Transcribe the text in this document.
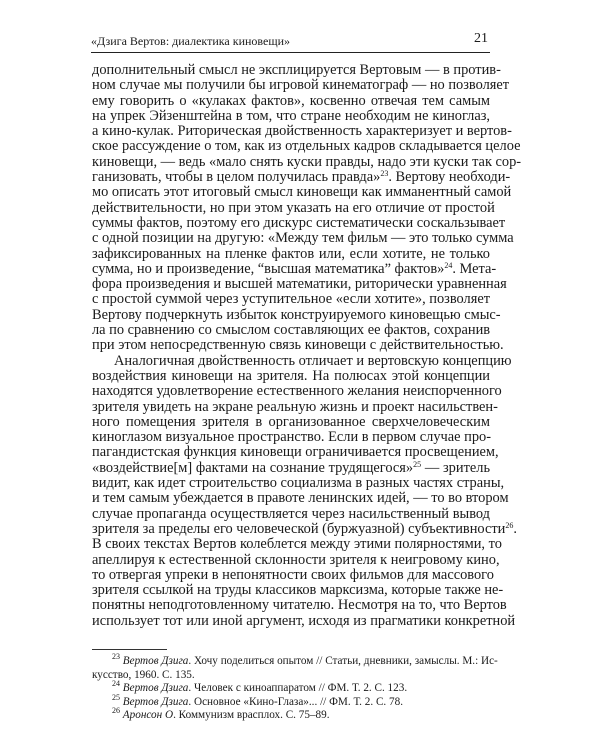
«Дзига Вертов: диалектика киновещи»	21
дополнительный смысл не эксплицируется Вертовым — в против-
ном случае мы получили бы игровой кинематограф — но позволяет
ему говорить о «кулаках фактов», косвенно отвечая тем самым
на упрек Эйзенштейна в том, что стране необходим не киноглаз,
а кино-кулак. Риторическая двойственность характеризует и вертов-
ское рассуждение о том, как из отдельных кадров складывается целое
киновещи, — ведь «мало снять куски правды, надо эти куски так сор-
ганизовать, чтобы в целом получилась правда»$^{23}$. Вертову необходи-
мо описать этот итоговый смысл киновещи как имманентный самой
действительности, но при этом указать на его отличие от простой
суммы фактов, поэтому его дискурс систематически соскальзывает
с одной позиции на другую: «Между тем фильм — это только сумма
зафиксированных на пленке фактов или, если хотите, не только
сумма, но и произведение, “высшая математика” фактов»$^{24}$. Мета-
фора произведения и высшей математики, риторически уравненная
с простой суммой через уступительное «если хотите», позволяет
Вертову подчеркнуть избыток конструируемого киновещью смыс-
ла по сравнению со смыслом составляющих ее фактов, сохранив
при этом непосредственную связь киновещи с действительностью.
Аналогичная двойственность отличает и вертовскую концепцию
воздействия киновещи на зрителя. На полюсах этой концепции
находятся удовлетворение естественного желания неиспорченного
зрителя увидеть на экране реальную жизнь и проект насильствен-
ного помещения зрителя в организованное сверхчеловеческим
киноглазом визуальное пространство. Если в первом случае про-
пагандистская функция киновещи ограничивается просвещением,
«воздействие[м] фактами на сознание трудящегося»$^{25}$ — зритель
видит, как идет строительство социализма в разных частях страны,
и тем самым убеждается в правоте ленинских идей, — то во втором
случае пропаганда осуществляется через насильственный вывод
зрителя за пределы его человеческой (буржуазной) субъективности$^{26}$.
В своих текстах Вертов колеблется между этими полярностями, то
апеллируя к естественной склонности зрителя к неигровому кино,
то отвергая упреки в непонятности своих фильмов для массового
зрителя ссылкой на труды классиков марксизма, которые также не-
понятны неподготовленному читателю. Несмотря на то, что Вертов
использует тот или иной аргумент, исходя из прагматики конкретной
$^{23}$ Вертов Дзига. Хочу поделиться опытом // Статьи, дневники, замыслы. М.: Ис-
кусство, 1960. С. 135.
$^{24}$ Вертов Дзига. Человек с киноаппаратом // ФМ. Т. 2. С. 123.
$^{25}$ Вертов Дзига. Основное «Кино-Глаза»... // ФМ. Т. 2. С. 78.
$^{26}$ Аронсон О. Коммунизм врасплох. С. 75–89.
